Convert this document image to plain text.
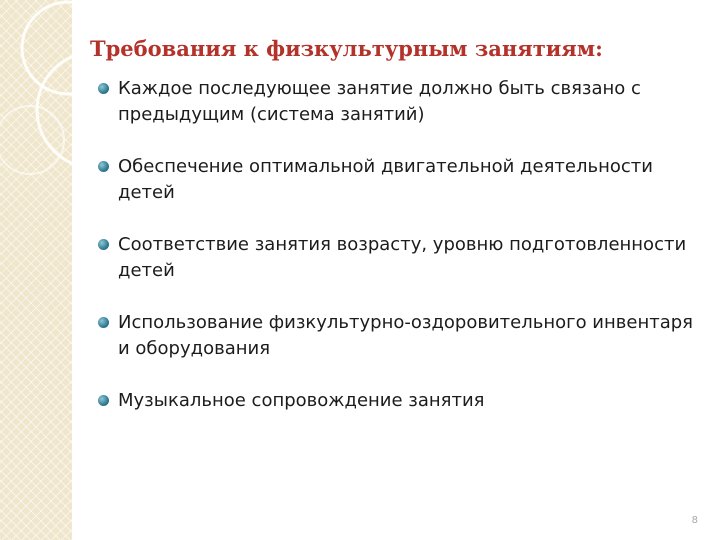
Требования к физкультурным занятиям:
Каждое последующее занятие должно быть связано с предыдущим (система занятий)
Обеспечение оптимальной двигательной деятельности детей
Соответствие занятия возрасту, уровню подготовленности детей
Использование физкультурно-оздоровительного инвентаря и оборудования
Музыкальное сопровождение занятия
8
